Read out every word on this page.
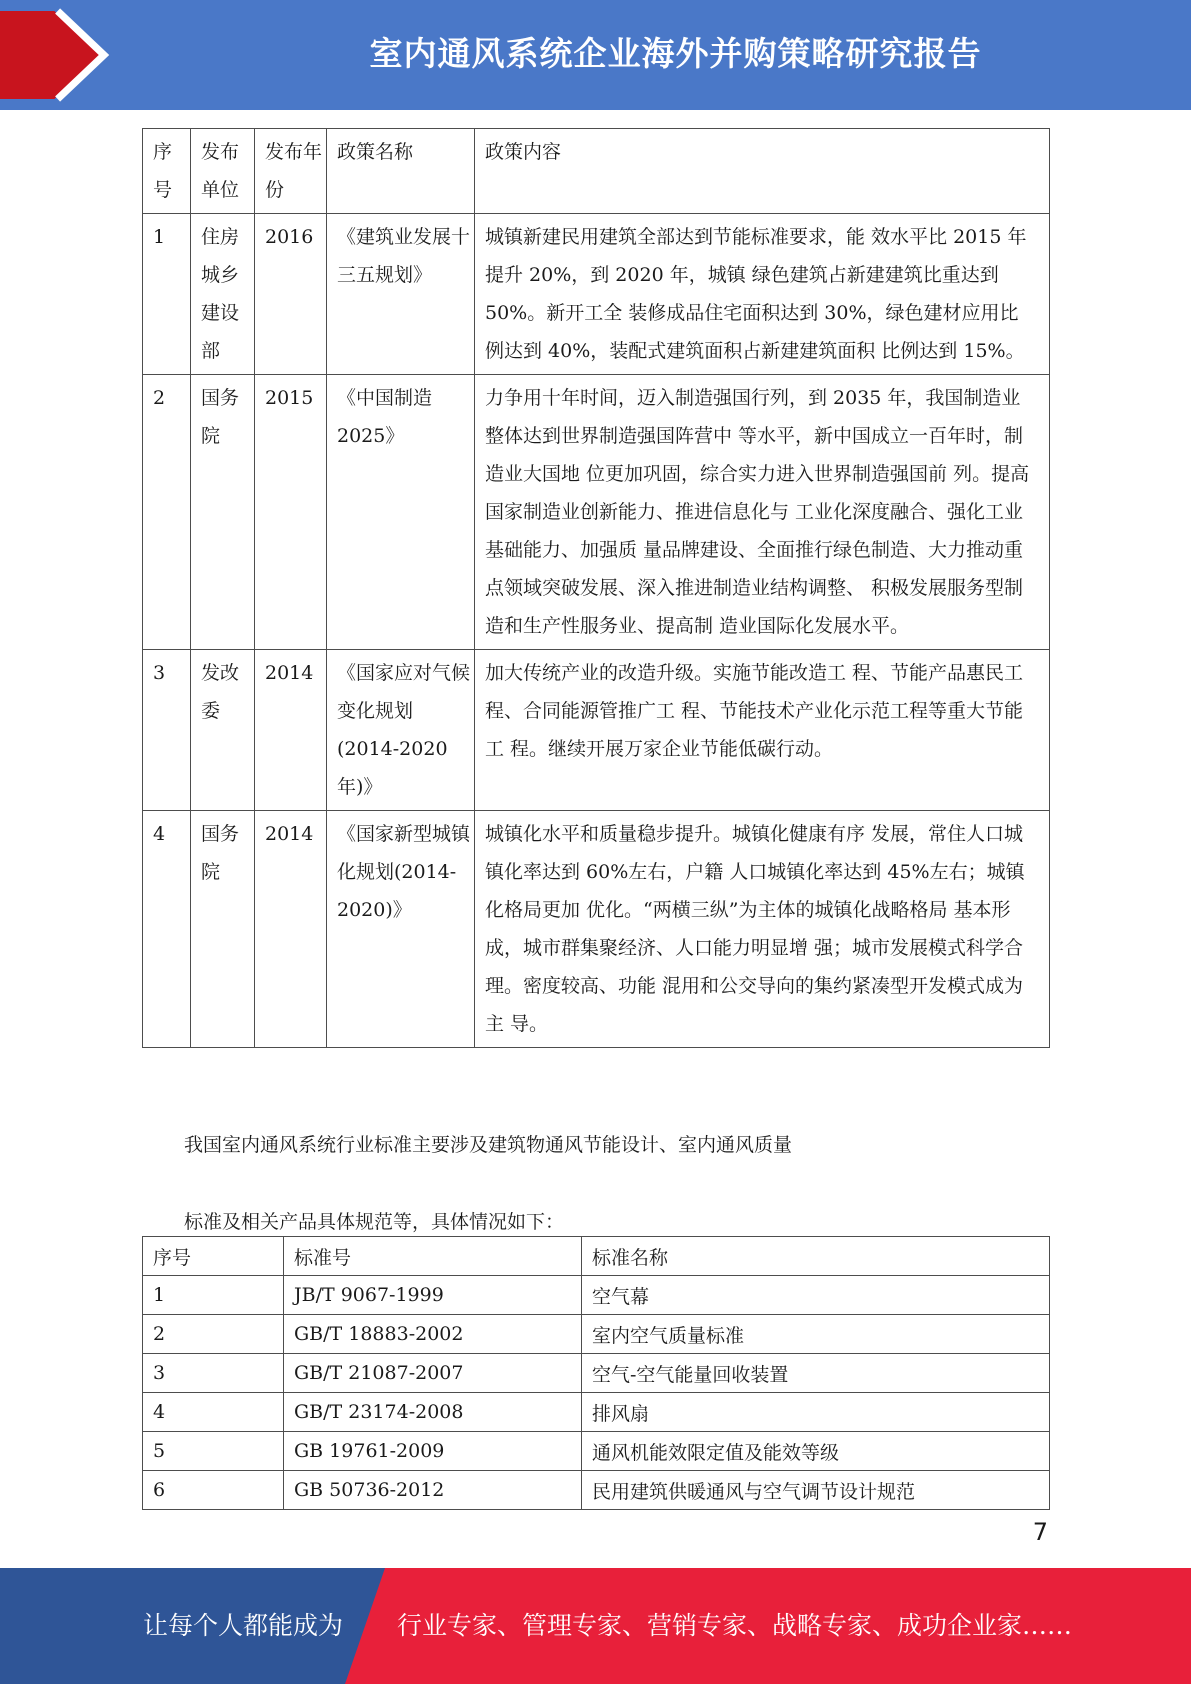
室内通风系统企业海外并购策略研究报告
序号	发布单位	发布年份	政策名称	政策内容
1	住房城乡建设部	2016	《建筑业发展十三五规划》	城镇新建民用建筑全部达到节能标准要求，能 效水平比 2015 年提升 20%，到 2020 年，城镇 绿色建筑占新建建筑比重达到 50%。新开工全 装修成品住宅面积达到 30%，绿色建材应用比 例达到 40%，装配式建筑面积占新建建筑面积 比例达到 15%。
2	国务院	2015	《中国制造2025》	力争用十年时间，迈入制造强国行列，到 2035 年，我国制造业整体达到世界制造强国阵营中 等水平，新中国成立一百年时，制造业大国地 位更加巩固，综合实力进入世界制造强国前 列。提高国家制造业创新能力、推进信息化与 工业化深度融合、强化工业基础能力、加强质 量品牌建设、全面推行绿色制造、大力推动重 点领域突破发展、深入推进制造业结构调整、 积极发展服务型制造和生产性服务业、提高制 造业国际化发展水平。
3	发改委	2014	《国家应对气候变化规划(2014-2020年)》	加大传统产业的改造升级。实施节能改造工 程、节能产品惠民工程、合同能源管推广工 程、节能技术产业化示范工程等重大节能工 程。继续开展万家企业节能低碳行动。
4	国务院	2014	《国家新型城镇化规划(2014-2020)》	城镇化水平和质量稳步提升。城镇化健康有序 发展，常住人口城镇化率达到 60%左右，户籍 人口城镇化率达到 45%左右；城镇化格局更加 优化。“两横三纵”为主体的城镇化战略格局 基本形成，城市群集聚经济、人口能力明显增 强；城市发展模式科学合理。密度较高、功能 混用和公交导向的集约紧凑型开发模式成为主 导。
我国室内通风系统行业标准主要涉及建筑物通风节能设计、室内通风质量
标准及相关产品具体规范等，具体情况如下：
序号	标准号	标准名称
1	JB/T 9067-1999	空气幕
2	GB/T 18883-2002	室内空气质量标准
3	GB/T 21087-2007	空气-空气能量回收装置
4	GB/T 23174-2008	排风扇
5	GB 19761-2009	通风机能效限定值及能效等级
6	GB 50736-2012	民用建筑供暖通风与空气调节设计规范
7
让每个人都能成为 行业专家、管理专家、营销专家、战略专家、成功企业家……
